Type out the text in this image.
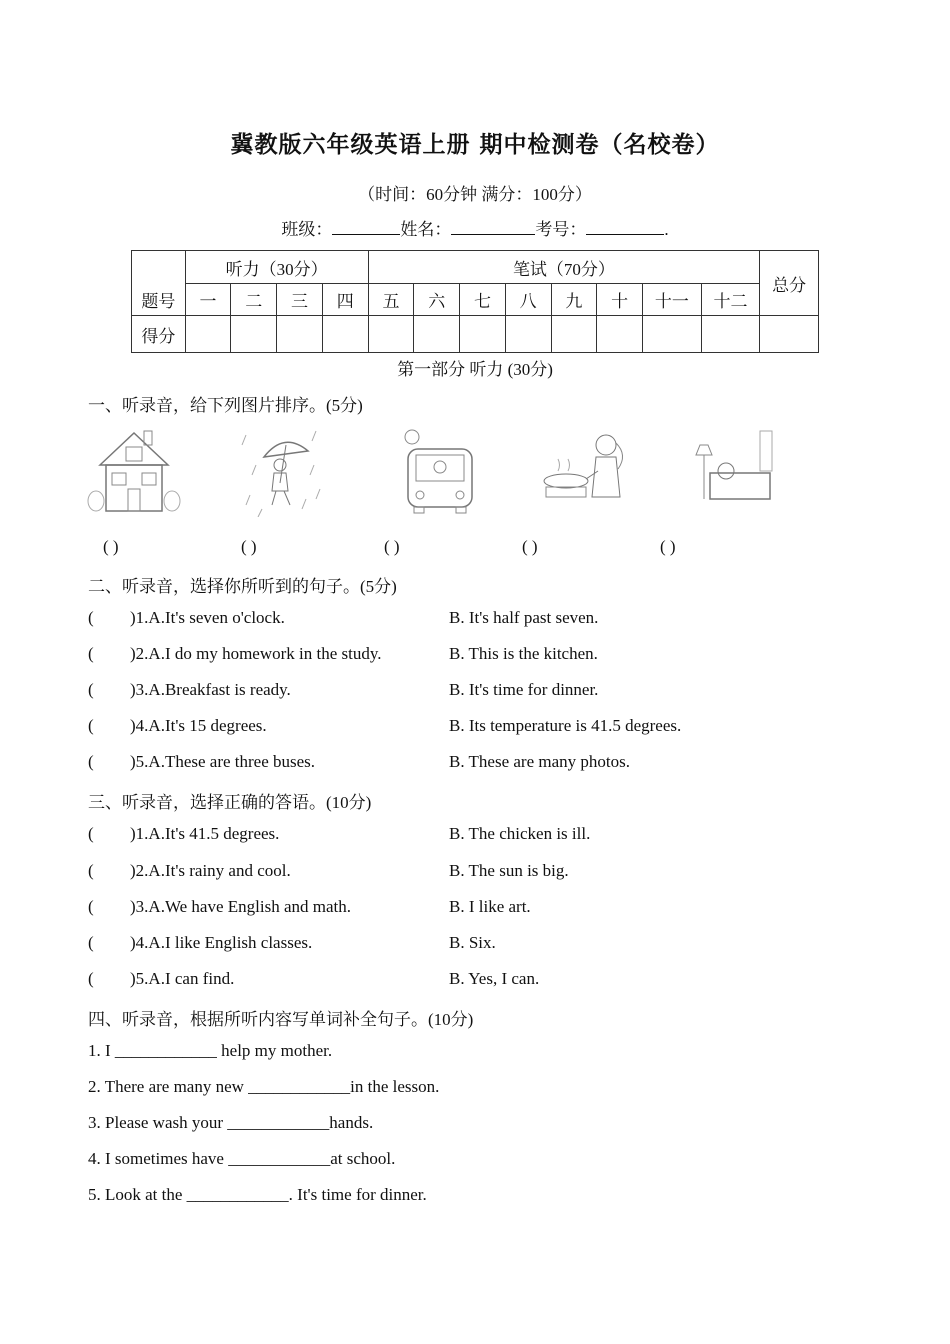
冀教版六年级英语上册 期中检测卷（名校卷）
（时间：60分钟 满分：100分）
班级：	姓名：	考号：	.
	听力（30分）				笔试（70分）								总分
题号	一	二	三	四	五	六	七	八	九	十	十一	十二	
得分													
第一部分 听力 (30分)
一、听录音，给下列图片排序。(5分)
( )	( )	( )	( )	( )
二、听录音，选择你所听到的句子。(5分)
( )1.A.It's seven o'clock.	B. It's half past seven.
( )2.A.I do my homework in the study.	B. This is the kitchen.
( )3.A.Breakfast is ready.	B. It's time for dinner.
( )4.A.It's 15 degrees.	B. Its temperature is 41.5 degrees.
( )5.A.These are three buses.	B. These are many photos.
三、听录音，选择正确的答语。(10分)
( )1.A.It's 41.5 degrees.	B. The chicken is ill.
( )2.A.It's rainy and cool.	B. The sun is big.
( )3.A.We have English and math.	B. I like art.
( )4.A.I like English classes.	B. Six.
( )5.A.I can find.	B. Yes, I can.
四、听录音，根据所听内容写单词补全句子。(10分)
1. I ____________ help my mother.
2. There are many new ____________in the lesson.
3. Please wash your ____________hands.
4. I sometimes have ____________at school.
5. Look at the ____________. It's time for dinner.
